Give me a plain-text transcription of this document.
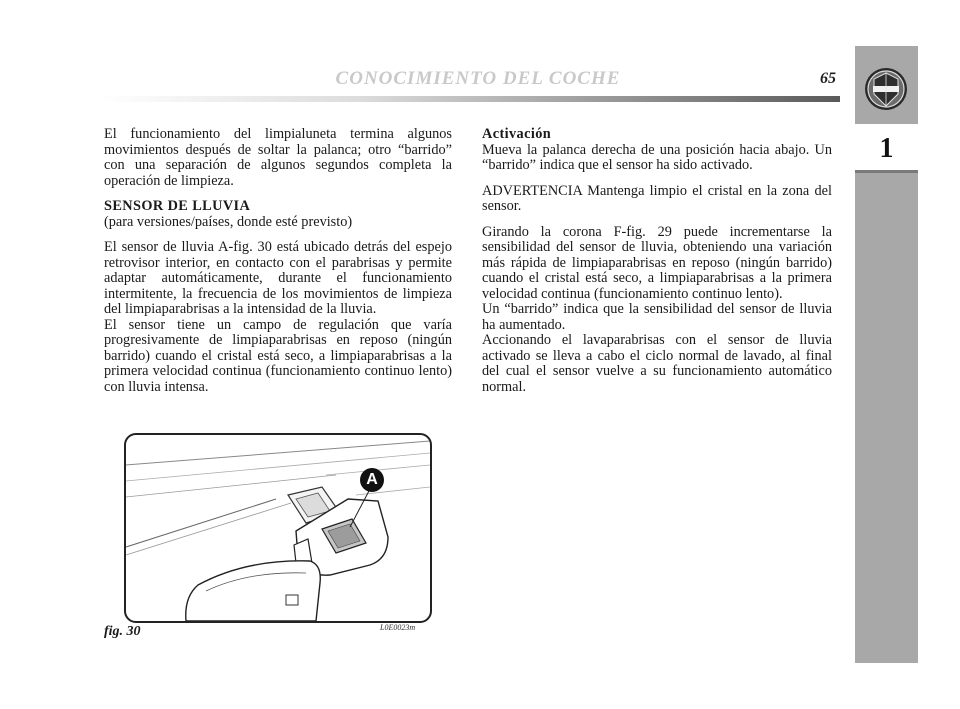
CONOCIMIENTO DEL COCHE	65
1

El funcionamiento del limpialuneta termina algunos movimientos después de soltar la palanca; otro “barrido” con una separación de algunos segundos completa la operación de limpieza.

SENSOR DE LLUVIA

(para versiones/países, donde esté previsto)

El sensor de lluvia A-fig. 30 está ubicado detrás del espejo retrovisor interior, en contacto con el parabrisas y permite adaptar automáticamente, durante el funcionamiento intermitente, la frecuencia de los movimientos de limpieza del limpiaparabrisas a la intensidad de la lluvia.

El sensor tiene un campo de regulación que varía progresivamente de limpiaparabrisas en reposo (ningún barrido) cuando el cristal está seco, a limpiaparabrisas a la primera velocidad continua (funcionamiento continuo lento) con lluvia intensa.

Activación

Mueva la palanca derecha de una posición hacia abajo. Un “barrido” indica que el sensor ha sido activado.

ADVERTENCIA Mantenga limpio el cristal en la zona del sensor.

Girando la corona F-fig. 29 puede incrementarse la sensibilidad del sensor de lluvia, obteniendo una variación más rápida de limpiaparabrisas en reposo (ningún barrido) cuando el cristal está seco, a limpiaparabrisas a la primera velocidad continua (funcionamiento continuo lento).

Un “barrido” indica que la sensibilidad del sensor de lluvia ha aumentado.

Accionando el lavaparabrisas con el sensor de lluvia activado se lleva a cabo el ciclo normal de lavado, al final del cual el sensor vuelve a su funcionamiento automático normal.

A
fig. 30	L0E0023m
